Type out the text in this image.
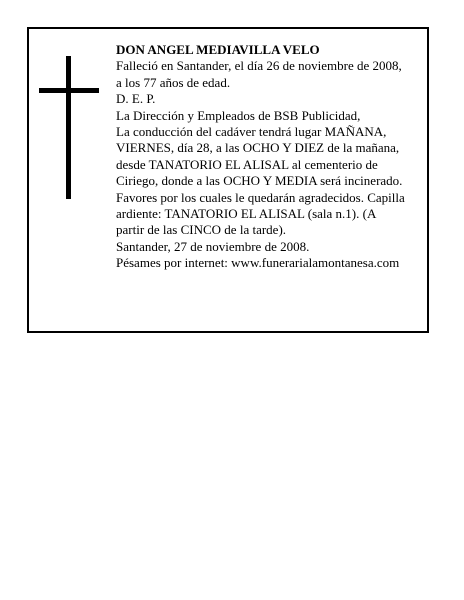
DON ANGEL MEDIAVILLA VELO
Falleció en Santander, el día 26 de noviembre de 2008,
a los 77 años de edad.
D. E. P.
La Dirección y Empleados de BSB Publicidad,
La conducción del cadáver tendrá lugar MAÑANA,
VIERNES, día 28, a las OCHO Y DIEZ de la mañana,
desde TANATORIO EL ALISAL al cementerio de
Ciriego, donde a las OCHO Y MEDIA será incinerado.
Favores por los cuales le quedarán agradecidos. Capilla
ardiente: TANATORIO EL ALISAL (sala n.1). (A
partir de las CINCO de la tarde).
Santander, 27 de noviembre de 2008.
Pésames por internet: www.funerarialamontanesa.com
